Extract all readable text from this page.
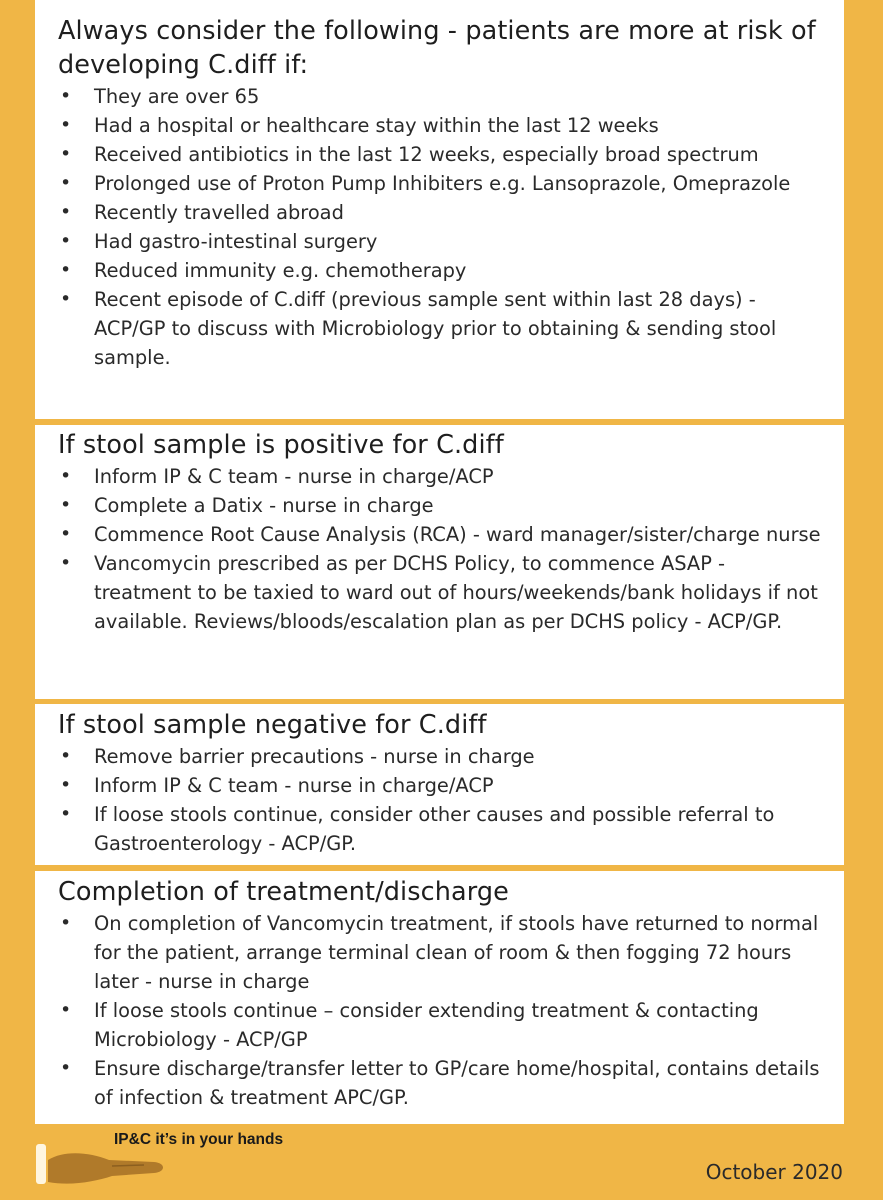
Always consider the following - patients are more at risk of developing C.diff if:
• They are over 65
• Had a hospital or healthcare stay within the last 12 weeks
• Received antibiotics in the last 12 weeks, especially broad spectrum
• Prolonged use of Proton Pump Inhibiters e.g. Lansoprazole, Omeprazole
• Recently travelled abroad
• Had gastro-intestinal surgery
• Reduced immunity e.g. chemotherapy
• Recent episode of C.diff (previous sample sent within last 28 days) - ACP/GP to discuss with Microbiology prior to obtaining & sending stool sample.
If stool sample is positive for C.diff
• Inform IP & C team - nurse in charge/ACP
• Complete a Datix - nurse in charge
• Commence Root Cause Analysis (RCA) - ward manager/sister/charge nurse
• Vancomycin prescribed as per DCHS Policy, to commence ASAP - treatment to be taxied to ward out of hours/weekends/bank holidays if not available. Reviews/bloods/escalation plan as per DCHS policy - ACP/GP.
If stool sample negative for C.diff
• Remove barrier precautions - nurse in charge
• Inform IP & C team - nurse in charge/ACP
• If loose stools continue, consider other causes and possible referral to Gastroenterology - ACP/GP.
Completion of treatment/discharge
• On completion of Vancomycin treatment, if stools have returned to normal for the patient, arrange terminal clean of room & then fogging 72 hours later - nurse in charge
• If loose stools continue – consider extending treatment & contacting Microbiology - ACP/GP
• Ensure discharge/transfer letter to GP/care home/hospital, contains details of infection & treatment APC/GP.
IP&C it’s in your hands
October 2020
